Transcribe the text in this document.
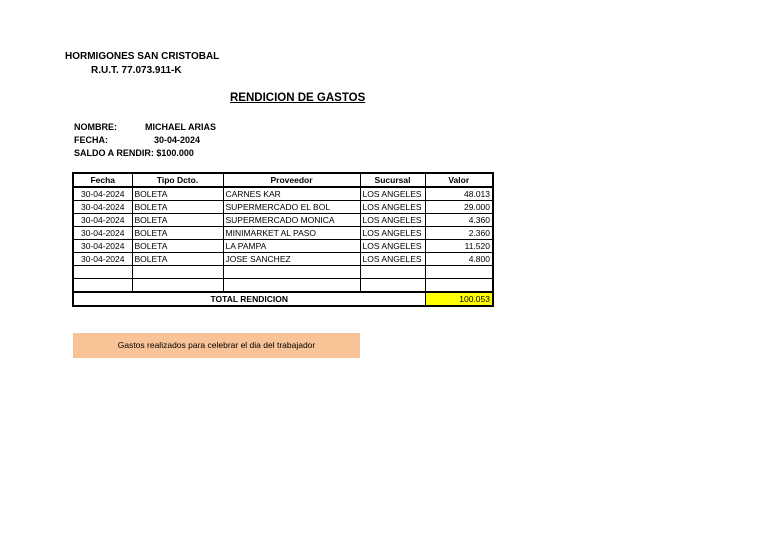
HORMIGONES SAN CRISTOBAL
R.U.T. 77.073.911-K
RENDICION DE GASTOS
NOMBRE:	MICHAEL ARIAS
FECHA:	30-04-2024
SALDO A RENDIR: $100.000
Fecha	Tipo Dcto.	Proveedor	Sucursal	Valor
30-04-2024	BOLETA	CARNES KAR	LOS ANGELES	48.013
30-04-2024	BOLETA	SUPERMERCADO EL BOL	LOS ANGELES	29.000
30-04-2024	BOLETA	SUPERMERCADO MONICA	LOS ANGELES	4.360
30-04-2024	BOLETA	MINIMARKET AL PASO	LOS ANGELES	2.360
30-04-2024	BOLETA	LA PAMPA	LOS ANGELES	11.520
30-04-2024	BOLETA	JOSE SANCHEZ	LOS ANGELES	4.800

TOTAL RENDICION				100.053
Gastos realizados para celebrar el dia del trabajador
